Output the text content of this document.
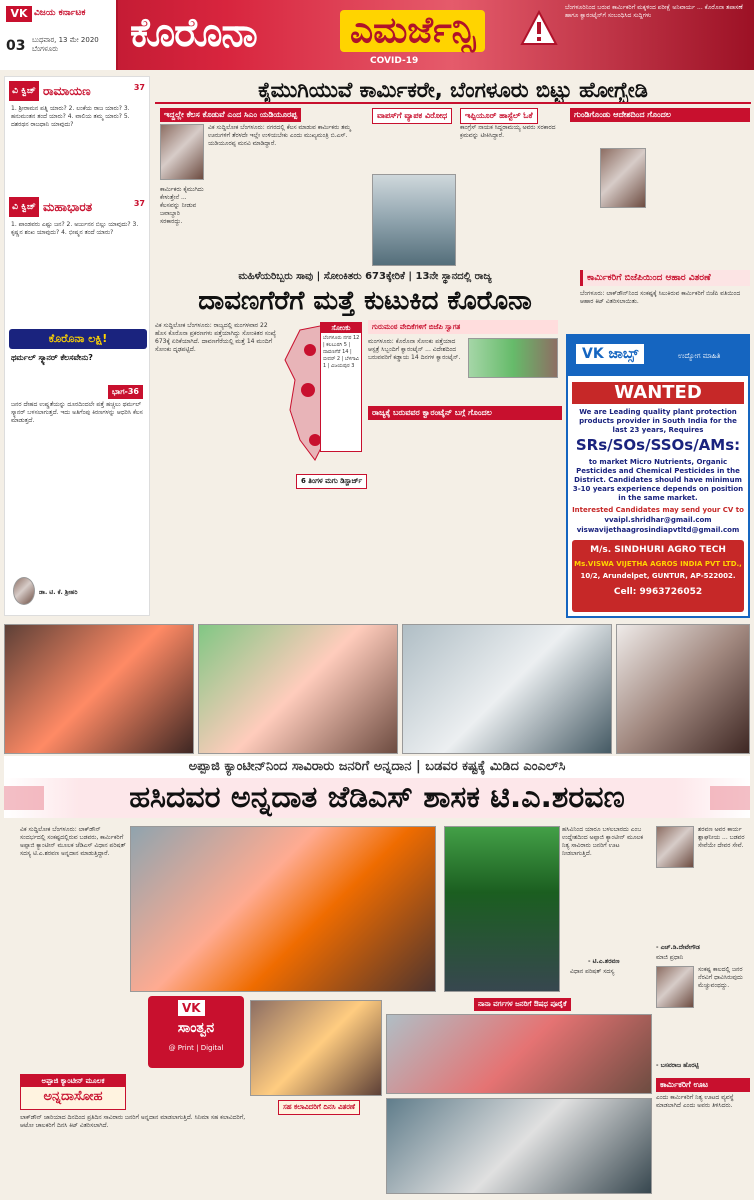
VK ವಿಜಯ ಕರ್ನಾಟಕ
03 ಬುಧವಾರ, 13 ಮೇ 2020 ಬೆಂಗಳೂರು	ಕೊರೊನಾ	ಎಮರ್ಜೆನ್ಸಿ
COVID-19
ಬೆಂಗಳೂರಿನಿಂದ ಬರುವ ಕಾರ್ಮಿಕರಿಗೆ ಮಕ್ಕಳಿಂದ ಪರೀಕ್ಷೆ ಅನಿವಾರ್ಯ ... ಕೊರೊನಾ ತಪಾಸಣೆ ಹಾಗೂ ಕ್ವಾರಂಟೈನ್‌ಗೆ ಸಂಬಂಧಿಸಿದ ಸುದ್ದಿಗಳು
ವಿ ಕ್ವಿಜ್ ರಾಮಾಯಣ	37
1. ಶ್ರೀರಾಮನ ಪತ್ನಿ ಯಾರು? 2. ಲಂಕೆಯ ರಾಜ ಯಾರು? 3. ಹನುಮಂತನ ತಂದೆ ಯಾರು? 4. ವಾಲಿಯ ತಮ್ಮ ಯಾರು? 5. ದಶರಥನ ರಾಜಧಾನಿ ಯಾವುದು?
ವಿ ಕ್ವಿಜ್ ಮಹಾಭಾರತ	37
1. ಪಾಂಡವರು ಎಷ್ಟು ಜನ? 2. ಅರ್ಜುನನ ಬಿಲ್ಲು ಯಾವುದು? 3. ಕೃಷ್ಣನ ಶಂಖ ಯಾವುದು? 4. ಭೀಷ್ಮನ ತಂದೆ ಯಾರು?
ಕೊರೊನಾ ಲಕ್ಷಿ!
ಥರ್ಮಲ್ ಸ್ಕ್ಯಾನರ್ ಕೆಲಸವೇನು?
ಭಾಗ-36
ಜನರ ದೇಹದ ಉಷ್ಣತೆಯನ್ನು ದೂರದಿಂದಲೇ ಪತ್ತೆ ಹಚ್ಚಲು ಥರ್ಮಲ್ ಸ್ಕ್ಯಾನರ್ ಬಳಸಲಾಗುತ್ತದೆ. ಇದು ಅತಿಗೆಂಪು ಕಿರಣಗಳನ್ನು ಆಧರಿಸಿ ಕೆಲಸ ಮಾಡುತ್ತದೆ.
ಡಾ. ಟಿ. ಕೆ. ಶ್ರೀಹರಿ
ಕೈಮುಗಿಯುವೆ ಕಾರ್ಮಿಕರೇ, ಬೆಂಗಳೂರು ಬಿಟ್ಟು ಹೋಗ್ಬೇಡಿ
ಇದ್ದಲ್ಲೇ ಕೆಲಸ ಕೊಡುವೆ ಎಂದ ಸಿಎಂ ಯಡಿಯೂರಪ್ಪ
ವಿಕ ಸುದ್ದಿಲೋಕ ಬೆಂಗಳೂರು: ನಗರದಲ್ಲಿ ಕೆಲಸ ಮಾಡುವ ಕಾರ್ಮಿಕರು ತಮ್ಮ ಊರುಗಳಿಗೆ ತೆರಳದೇ ಇಲ್ಲೇ ಉಳಿಯಬೇಕು ಎಂದು ಮುಖ್ಯಮಂತ್ರಿ ಬಿ.ಎಸ್. ಯಡಿಯೂರಪ್ಪ ಮನವಿ ಮಾಡಿದ್ದಾರೆ.
ಕಾರ್ಮಿಕರು ಕೈಮುಗಿದು ಕೇಳುತ್ತೇನೆ ... ಕೆಲಸವನ್ನು ನೀಡುವ ಜವಾಬ್ದಾರಿ ಸರಕಾರದ್ದು.
ವಾಪಸ್‌ಗೆ ವ್ಯಾಪಕ ವಿರೋಧ	ಇಪ್ಪಿಯೂರ್ ಹಾಸ್ಟೆಲ್ ಓಕೆ
ಕಾಂಗ್ರೆಸ್ ನಾಯಕ ಸಿದ್ದರಾಮಯ್ಯ ಅವರು ಸರಕಾರದ ಕ್ರಮವನ್ನು ಟೀಕಿಸಿದ್ದಾರೆ.
ಗುಂಡಿಗೊಂಡು ಆದೇಶದಿಂದ ಗೊಂದಲ
ಮಹಿಳೆಯರಿಬ್ಬರು ಸಾವು | ಸೋಂಕಿತರು 673ಕ್ಕೇರಿಕೆ | 13ನೇ ಸ್ಥಾನದಲ್ಲಿ ರಾಜ್ಯ
ದಾವಣಗೆರೆಗೆ ಮತ್ತೆ ಕುಟುಕಿದ ಕೊರೊನಾ
ಕಾರ್ಮಿಕರಿಗೆ ಬಿಜೆಪಿಯಿಂದ ಆಹಾರ ವಿತರಣೆ
ಬೆಂಗಳೂರು: ಲಾಕ್‌ಡೌನ್‌ನಿಂದ ಸಂಕಷ್ಟಕ್ಕೆ ಸಿಲುಕಿರುವ ಕಾರ್ಮಿಕರಿಗೆ ಬಿಜೆಪಿ ವತಿಯಿಂದ ಆಹಾರ ಕಿಟ್ ವಿತರಿಸಲಾಯಿತು.
ವಿಕ ಸುದ್ದಿಲೋಕ ಬೆಂಗಳೂರು: ರಾಜ್ಯದಲ್ಲಿ ಮಂಗಳವಾರ 22 ಹೊಸ ಕೊರೊನಾ ಪ್ರಕರಣಗಳು ಪತ್ತೆಯಾಗಿದ್ದು ಸೋಂಕಿತರ ಸಂಖ್ಯೆ 673ಕ್ಕೆ ಏರಿಕೆಯಾಗಿದೆ. ದಾವಣಗೆರೆಯಲ್ಲಿ ಮತ್ತೆ 14 ಮಂದಿಗೆ ಸೋಂಕು ದೃಢಪಟ್ಟಿದೆ.
ಸೋಂಕು
ಬೆಂಗಳೂರು ನಗರ 12 | ಕಲಬುರಗಿ 5 | ದಾವಣಗೆರೆ 14 | ಬೀದರ್ 2 | ಬೆಳಗಾವಿ 1 | ವಿಜಯಪುರ 3
ಗುರುಮಂಠ ವೇದಿಕೆಗಳಿಗೆ ಬಿಜೆಪಿ ಸ್ವಾಗತ
ಮಂಗಳೂರು: ಕೊರೊನಾ ಸೋಂಕು ಪತ್ತೆಯಾದ ಆಸ್ಪತ್ರೆ ಸಿಬ್ಬಂದಿಗೆ ಕ್ವಾರಂಟೈನ್ ... ವಿದೇಶದಿಂದ ಬರುವವರಿಗೆ ಕಡ್ಡಾಯ 14 ದಿನಗಳ ಕ್ವಾರಂಟೈನ್.
ರಾಜ್ಯಕ್ಕೆ ಬರುವವರ ಕ್ವಾರಂಟೈನ್ ಬಗ್ಗೆ ಗೊಂದಲ
6 ತಿಂಗಳ ಮಗು ಡಿಸ್ಚಾರ್ಜ್
VK ಜಾಬ್ಸ್	ಉದ್ಯೋಗ ಮಾಹಿತಿ
WANTED
We are Leading quality plant protection products provider in South India for the last 23 years, Requires
SRs/SOs/SSOs/AMs:
to market Micro Nutrients, Organic Pesticides and Chemical Pesticides in the District. Candidates should have minimum 3-10 years experience depends on position in the same market.
Interested Candidates may send your CV to
vvaipl.shridhar@gmail.com
viswavijethaagrosindiapvtltd@gmail.com
M/s. SINDHURI AGRO TECH
Ms.VISWA VIJETHA AGROS INDIA PVT LTD.,
10/2, Arundelpet, GUNTUR, AP-522002.
Cell: 9963726052
ಅಪ್ಪಾಜಿ ಕ್ಯಾಂಟೀನ್‌ನಿಂದ ಸಾವಿರಾರು ಜನರಿಗೆ ಅನ್ನದಾನ | ಬಡವರ ಕಷ್ಟಕ್ಕೆ ಮಿಡಿದ ಎಂಎಲ್‌ಸಿ
ಹಸಿದವರ ಅನ್ನದಾತ ಜೆಡಿಎಸ್ ಶಾಸಕ ಟಿ.ಎ.ಶರವಣ
ವಿಕ ಸುದ್ದಿಲೋಕ ಬೆಂಗಳೂರು: ಲಾಕ್‌ಡೌನ್ ಸಂದರ್ಭದಲ್ಲಿ ಸಂಕಷ್ಟದಲ್ಲಿರುವ ಬಡವರು, ಕಾರ್ಮಿಕರಿಗೆ ಅಪ್ಪಾಜಿ ಕ್ಯಾಂಟೀನ್ ಮೂಲಕ ಜೆಡಿಎಸ್ ವಿಧಾನ ಪರಿಷತ್ ಸದಸ್ಯ ಟಿ.ಎ.ಶರವಣ ಅನ್ನದಾನ ಮಾಡುತ್ತಿದ್ದಾರೆ.
ಹಸಿವಿನಿಂದ ಯಾರೂ ಬಳಲಬಾರದು ಎಂಬ ಉದ್ದೇಶದಿಂದ ಅಪ್ಪಾಜಿ ಕ್ಯಾಂಟೀನ್ ಮೂಲಕ ನಿತ್ಯ ಸಾವಿರಾರು ಜನರಿಗೆ ಊಟ ನೀಡಲಾಗುತ್ತಿದೆ.
- ಟಿ.ಎ.ಶರವಣ
ವಿಧಾನ ಪರಿಷತ್ ಸದಸ್ಯ
ಶರವಣ ಅವರ ಕಾರ್ಯ ಶ್ಲಾಘನೀಯ ... ಬಡವರ ಸೇವೆಯೇ ದೇವರ ಸೇವೆ.
- ಎಚ್.ಡಿ.ದೇವೇಗೌಡ
ಮಾಜಿ ಪ್ರಧಾನಿ
ಸಂಕಷ್ಟ ಕಾಲದಲ್ಲಿ ಜನರ ನೆರವಿಗೆ ಧಾವಿಸಿರುವುದು ಮೆಚ್ಚುವಂಥದ್ದು.
- ಬಸವರಾಜ ಹೊರಟ್ಟಿ
ಕಾರ್ಮಿಕರಿಗೆ ಊಟ
ಎಂದು ಕಾರ್ಮಿಕರಿಗೆ ನಿತ್ಯ ಊಟದ ವ್ಯವಸ್ಥೆ ಮಾಡಲಾಗಿದೆ ಎಂದು ಅವರು ತಿಳಿಸಿದರು.
VK
ಸಾಂತ್ವನ
@ Print | Digital
ಅಪ್ಪಾಜಿ ಕ್ಯಾಂಟೀನ್ ಮೂಲಕ
ಅನ್ನದಾಸೋಹ
ಸಹ ಕಲಾವಿದರಿಗೆ ದಿನಸಿ ವಿತರಣೆ
ನಾನಾ ವರ್ಗಗಳ ಜನರಿಗೆ ಔಷಧ ಪೂರೈಕೆ
ಲಾಕ್‌ಡೌನ್ ಜಾರಿಯಾದ ದಿನದಿಂದ ಪ್ರತಿದಿನ ಸಾವಿರಾರು ಜನರಿಗೆ ಅನ್ನದಾನ ಮಾಡಲಾಗುತ್ತಿದೆ. ಸಿನಿಮಾ ಸಹ ಕಲಾವಿದರಿಗೆ, ಆಟೋ ಚಾಲಕರಿಗೆ ದಿನಸಿ ಕಿಟ್ ವಿತರಿಸಲಾಗಿದೆ.
